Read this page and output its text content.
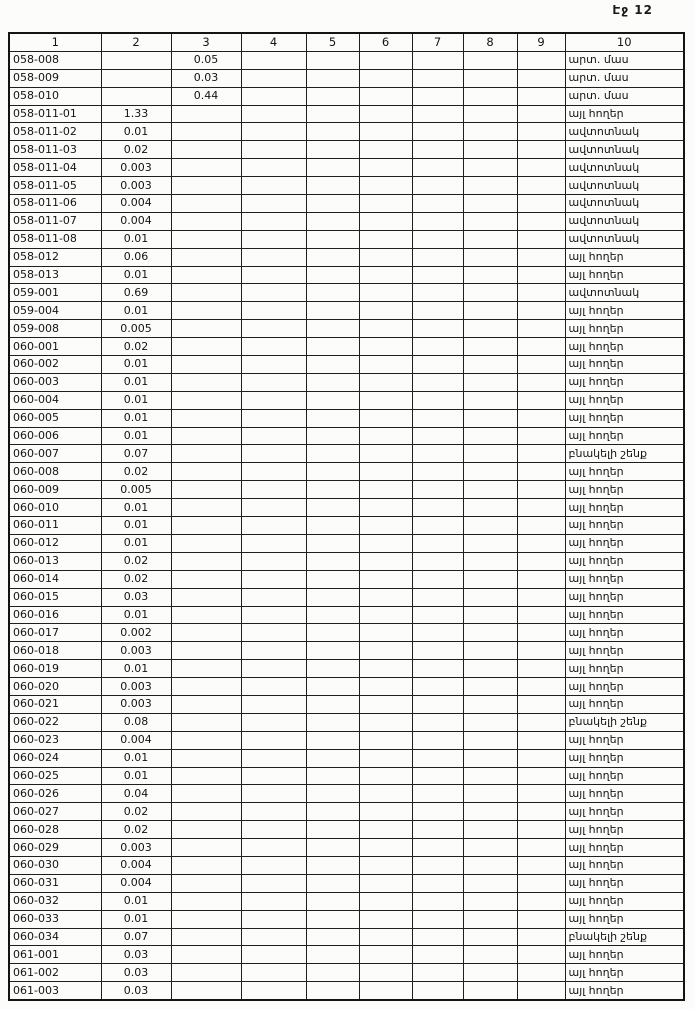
Էջ 12
1	2	3	4	5	6	7	8	9	10
058-008		0.05							արտ. մաս
058-009		0.03							արտ. մաս
058-010		0.44							արտ. մաս
058-011-01	1.33								այլ հողեր
058-011-02	0.01								ավտոտնակ
058-011-03	0.02								ավտոտնակ
058-011-04	0.003								ավտոտնակ
058-011-05	0.003								ավտոտնակ
058-011-06	0.004								ավտոտնակ
058-011-07	0.004								ավտոտնակ
058-011-08	0.01								ավտոտնակ
058-012	0.06								այլ հողեր
058-013	0.01								այլ հողեր
059-001	0.69								ավտոտնակ
059-004	0.01								այլ հողեր
059-008	0.005								այլ հողեր
060-001	0.02								այլ հողեր
060-002	0.01								այլ հողեր
060-003	0.01								այլ հողեր
060-004	0.01								այլ հողեր
060-005	0.01								այլ հողեր
060-006	0.01								այլ հողեր
060-007	0.07								բնակելի շենք
060-008	0.02								այլ հողեր
060-009	0.005								այլ հողեր
060-010	0.01								այլ հողեր
060-011	0.01								այլ հողեր
060-012	0.01								այլ հողեր
060-013	0.02								այլ հողեր
060-014	0.02								այլ հողեր
060-015	0.03								այլ հողեր
060-016	0.01								այլ հողեր
060-017	0.002								այլ հողեր
060-018	0.003								այլ հողեր
060-019	0.01								այլ հողեր
060-020	0.003								այլ հողեր
060-021	0.003								այլ հողեր
060-022	0.08								բնակելի շենք
060-023	0.004								այլ հողեր
060-024	0.01								այլ հողեր
060-025	0.01								այլ հողեր
060-026	0.04								այլ հողեր
060-027	0.02								այլ հողեր
060-028	0.02								այլ հողեր
060-029	0.003								այլ հողեր
060-030	0.004								այլ հողեր
060-031	0.004								այլ հողեր
060-032	0.01								այլ հողեր
060-033	0.01								այլ հողեր
060-034	0.07								բնակելի շենք
061-001	0.03								այլ հողեր
061-002	0.03								այլ հողեր
061-003	0.03								այլ հողեր
